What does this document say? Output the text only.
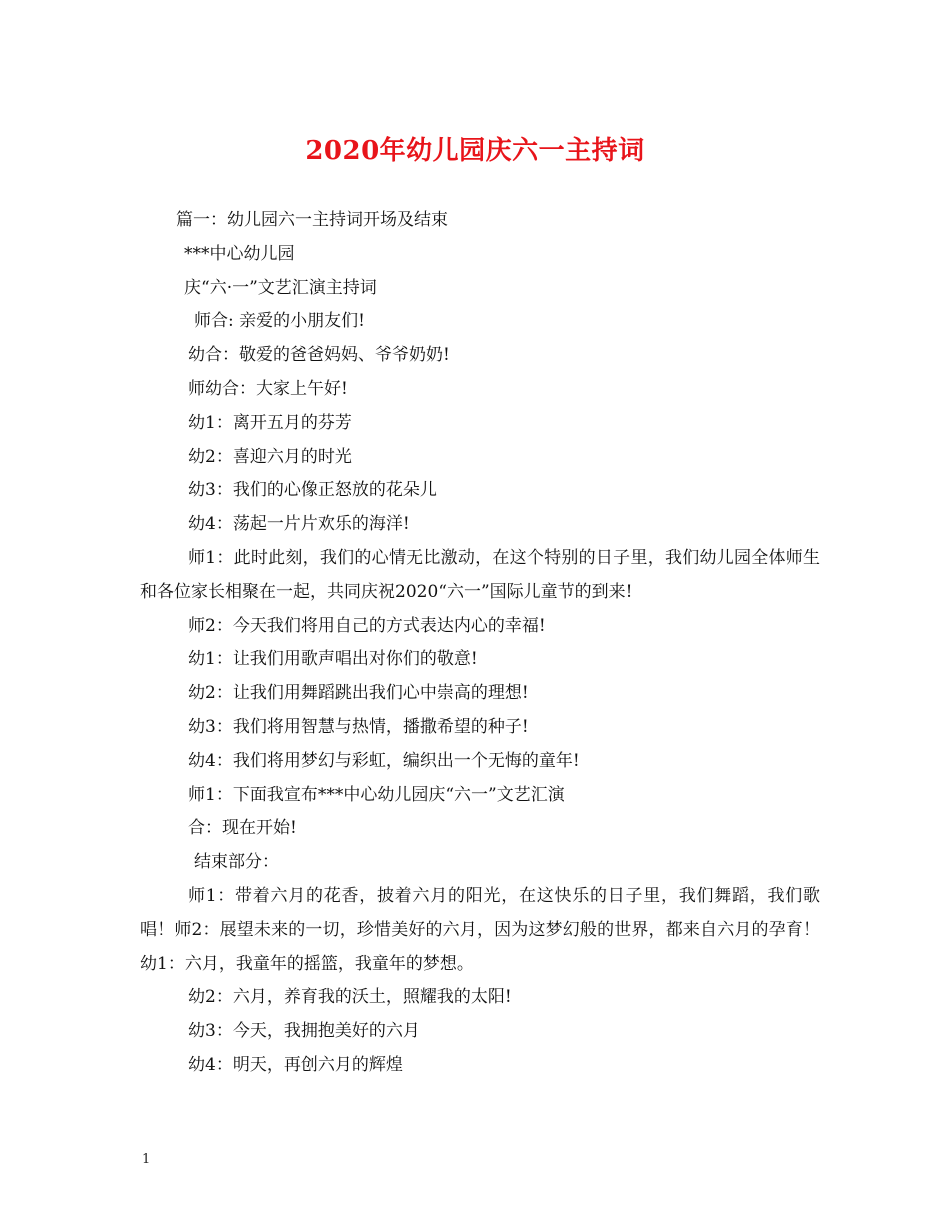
2020年幼儿园庆六一主持词
篇一：幼儿园六一主持词开场及结束
***中心幼儿园
庆“六·一”文艺汇演主持词
师合: 亲爱的小朋友们!
幼合：敬爱的爸爸妈妈、爷爷奶奶!
师幼合：大家上午好!
幼1：离开五月的芬芳
幼2：喜迎六月的时光
幼3：我们的心像正怒放的花朵儿
幼4：荡起一片片欢乐的海洋!
师1：此时此刻，我们的心情无比激动，在这个特别的日子里，我们幼儿园全体师生和各位家长相聚在一起，共同庆祝2020“六一”国际儿童节的到来!
师2：今天我们将用自己的方式表达内心的幸福!
幼1：让我们用歌声唱出对你们的敬意!
幼2：让我们用舞蹈跳出我们心中崇高的理想!
幼3：我们将用智慧与热情，播撒希望的种子!
幼4：我们将用梦幻与彩虹，编织出一个无悔的童年!
师1：下面我宣布***中心幼儿园庆“六一”文艺汇演
合：现在开始!
结束部分：
师1：带着六月的花香，披着六月的阳光，在这快乐的日子里，我们舞蹈，我们歌唱！师2：展望未来的一切，珍惜美好的六月，因为这梦幻般的世界，都来自六月的孕育！　 幼1：六月，我童年的摇篮，我童年的梦想。
幼2：六月，养育我的沃土，照耀我的太阳!
幼3：今天，我拥抱美好的六月
幼4：明天，再创六月的辉煌
1
